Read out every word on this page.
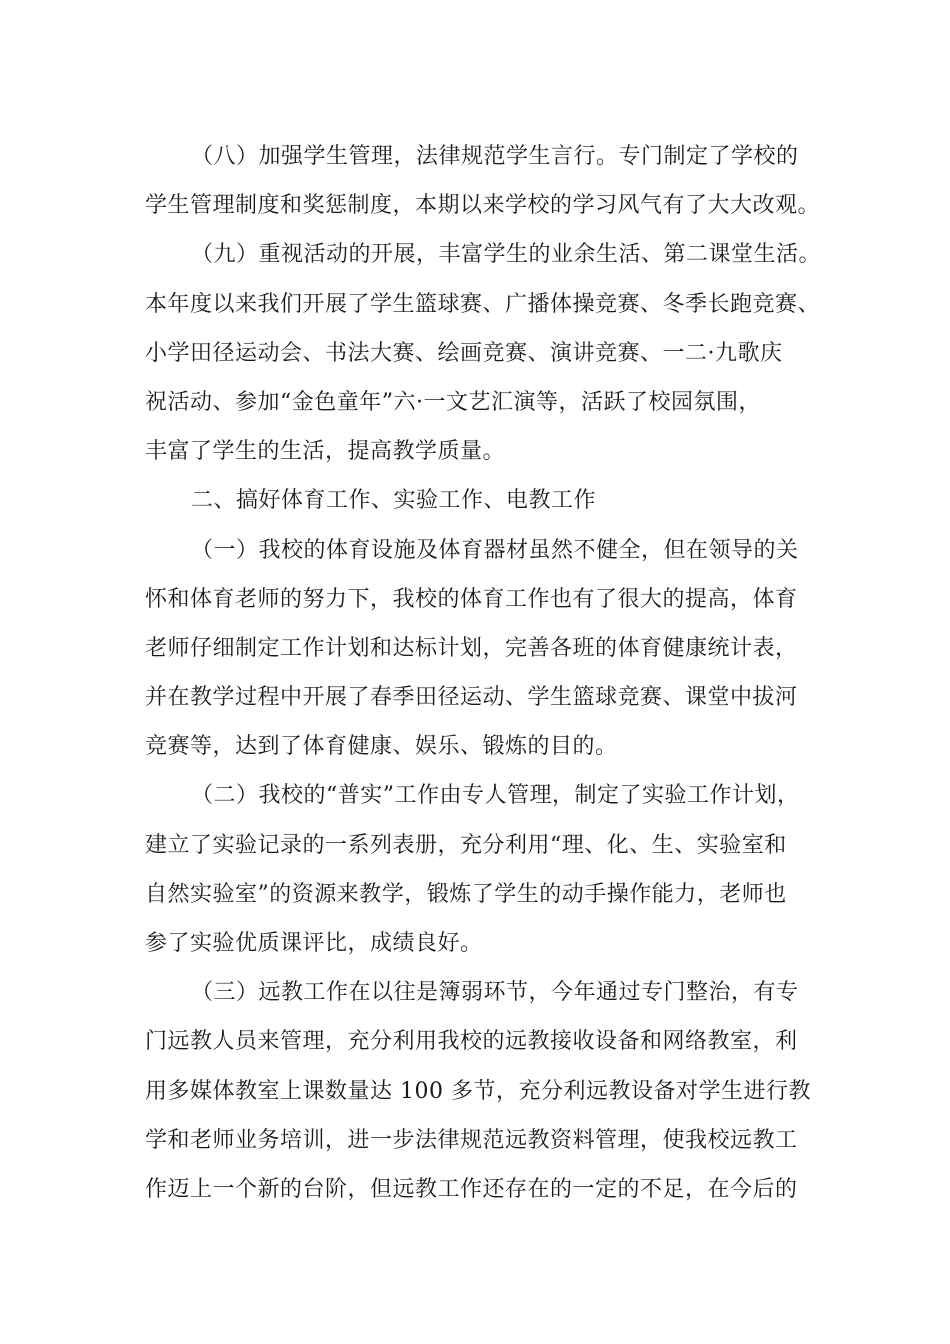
（八）加强学生管理，法律规范学生言行。专门制定了学校的
学生管理制度和奖惩制度，本期以来学校的学习风气有了大大改观。
（九）重视活动的开展，丰富学生的业余生活、第二课堂生活。
本年度以来我们开展了学生篮球赛、广播体操竞赛、冬季长跑竞赛、
小学田径运动会、书法大赛、绘画竞赛、演讲竞赛、一二·九歌庆
祝活动、参加“金色童年”六·一文艺汇演等，活跃了校园氛围，
丰富了学生的生活，提高教学质量。
二、搞好体育工作、实验工作、电教工作
（一）我校的体育设施及体育器材虽然不健全，但在领导的关
怀和体育老师的努力下，我校的体育工作也有了很大的提高，体育
老师仔细制定工作计划和达标计划，完善各班的体育健康统计表，
并在教学过程中开展了春季田径运动、学生篮球竞赛、课堂中拔河
竞赛等，达到了体育健康、娱乐、锻炼的目的。
（二）我校的“普实”工作由专人管理，制定了实验工作计划，
建立了实验记录的一系列表册，充分利用“理、化、生、实验室和
自然实验室”的资源来教学，锻炼了学生的动手操作能力，老师也
参了实验优质课评比，成绩良好。
（三）远教工作在以往是簿弱环节，今年通过专门整治，有专
门远教人员来管理，充分利用我校的远教接收设备和网络教室，利
用多媒体教室上课数量达 100 多节，充分利远教设备对学生进行教
学和老师业务培训，进一步法律规范远教资料管理，使我校远教工
作迈上一个新的台阶，但远教工作还存在的一定的不足，在今后的
